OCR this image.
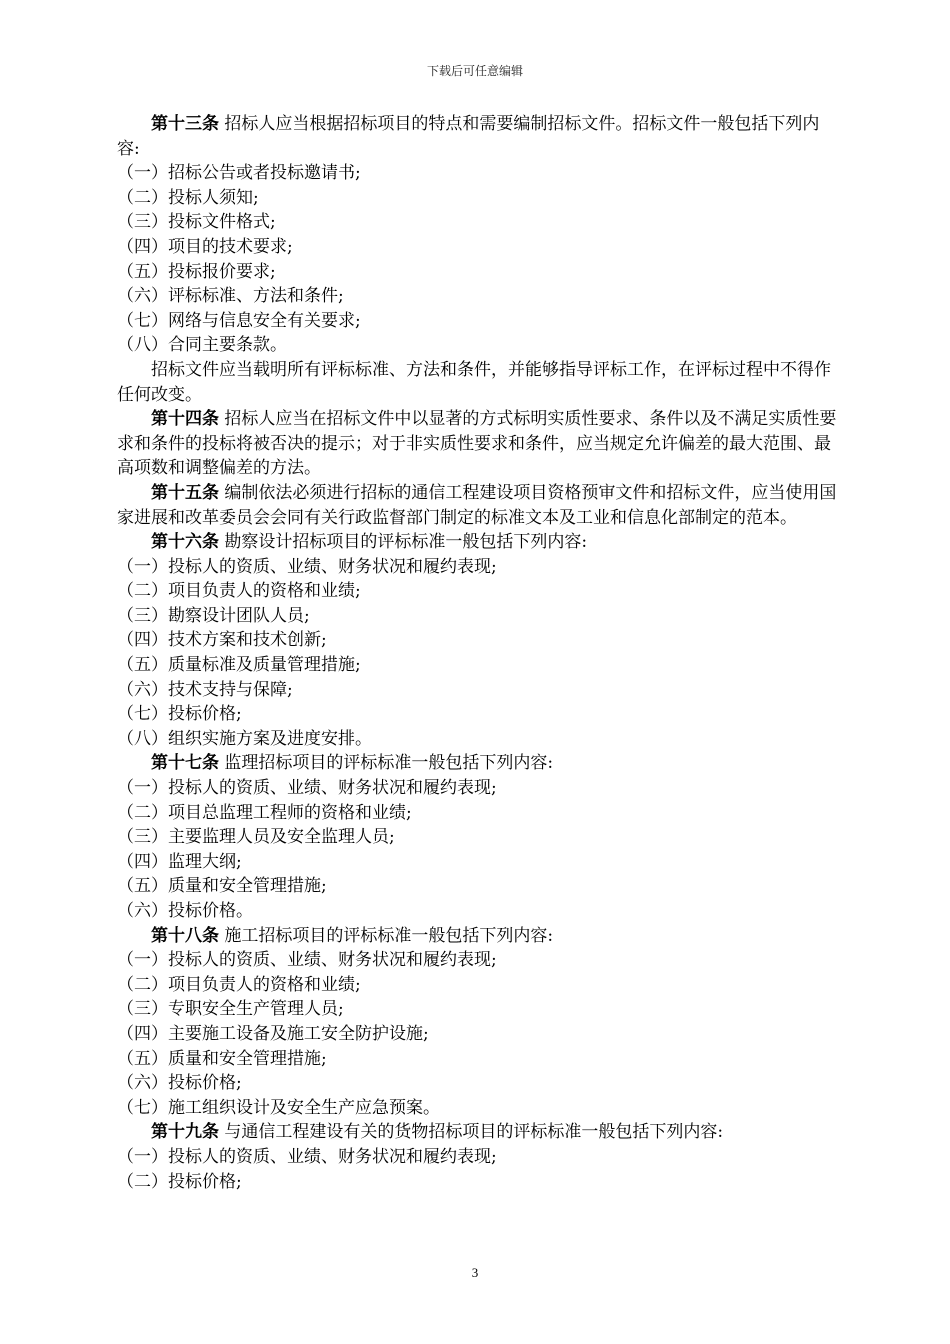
下载后可任意编辑

第十三条 招标人应当根据招标项目的特点和需要编制招标文件。招标文件一般包括下列内容:

（一）招标公告或者投标邀请书;

（二）投标人须知;

（三）投标文件格式;

（四）项目的技术要求;

（五）投标报价要求;

（六）评标标准、方法和条件;

（七）网络与信息安全有关要求;

（八）合同主要条款。

招标文件应当载明所有评标标准、方法和条件，并能够指导评标工作，在评标过程中不得作任何改变。

第十四条 招标人应当在招标文件中以显著的方式标明实质性要求、条件以及不满足实质性要求和条件的投标将被否决的提示；对于非实质性要求和条件，应当规定允许偏差的最大范围、最高项数和调整偏差的方法。

第十五条 编制依法必须进行招标的通信工程建设项目资格预审文件和招标文件，应当使用国家进展和改革委员会会同有关行政监督部门制定的标准文本及工业和信息化部制定的范本。

第十六条 勘察设计招标项目的评标标准一般包括下列内容:

（一）投标人的资质、业绩、财务状况和履约表现;

（二）项目负责人的资格和业绩;

（三）勘察设计团队人员;

（四）技术方案和技术创新;

（五）质量标准及质量管理措施;

（六）技术支持与保障;

（七）投标价格;

（八）组织实施方案及进度安排。

第十七条 监理招标项目的评标标准一般包括下列内容:

（一）投标人的资质、业绩、财务状况和履约表现;

（二）项目总监理工程师的资格和业绩;

（三）主要监理人员及安全监理人员;

（四）监理大纲;

（五）质量和安全管理措施;

（六）投标价格。

第十八条 施工招标项目的评标标准一般包括下列内容:

（一）投标人的资质、业绩、财务状况和履约表现;

（二）项目负责人的资格和业绩;

（三）专职安全生产管理人员;

（四）主要施工设备及施工安全防护设施;

（五）质量和安全管理措施;

（六）投标价格;

（七）施工组织设计及安全生产应急预案。

第十九条 与通信工程建设有关的货物招标项目的评标标准一般包括下列内容:

（一）投标人的资质、业绩、财务状况和履约表现;

（二）投标价格;

3
